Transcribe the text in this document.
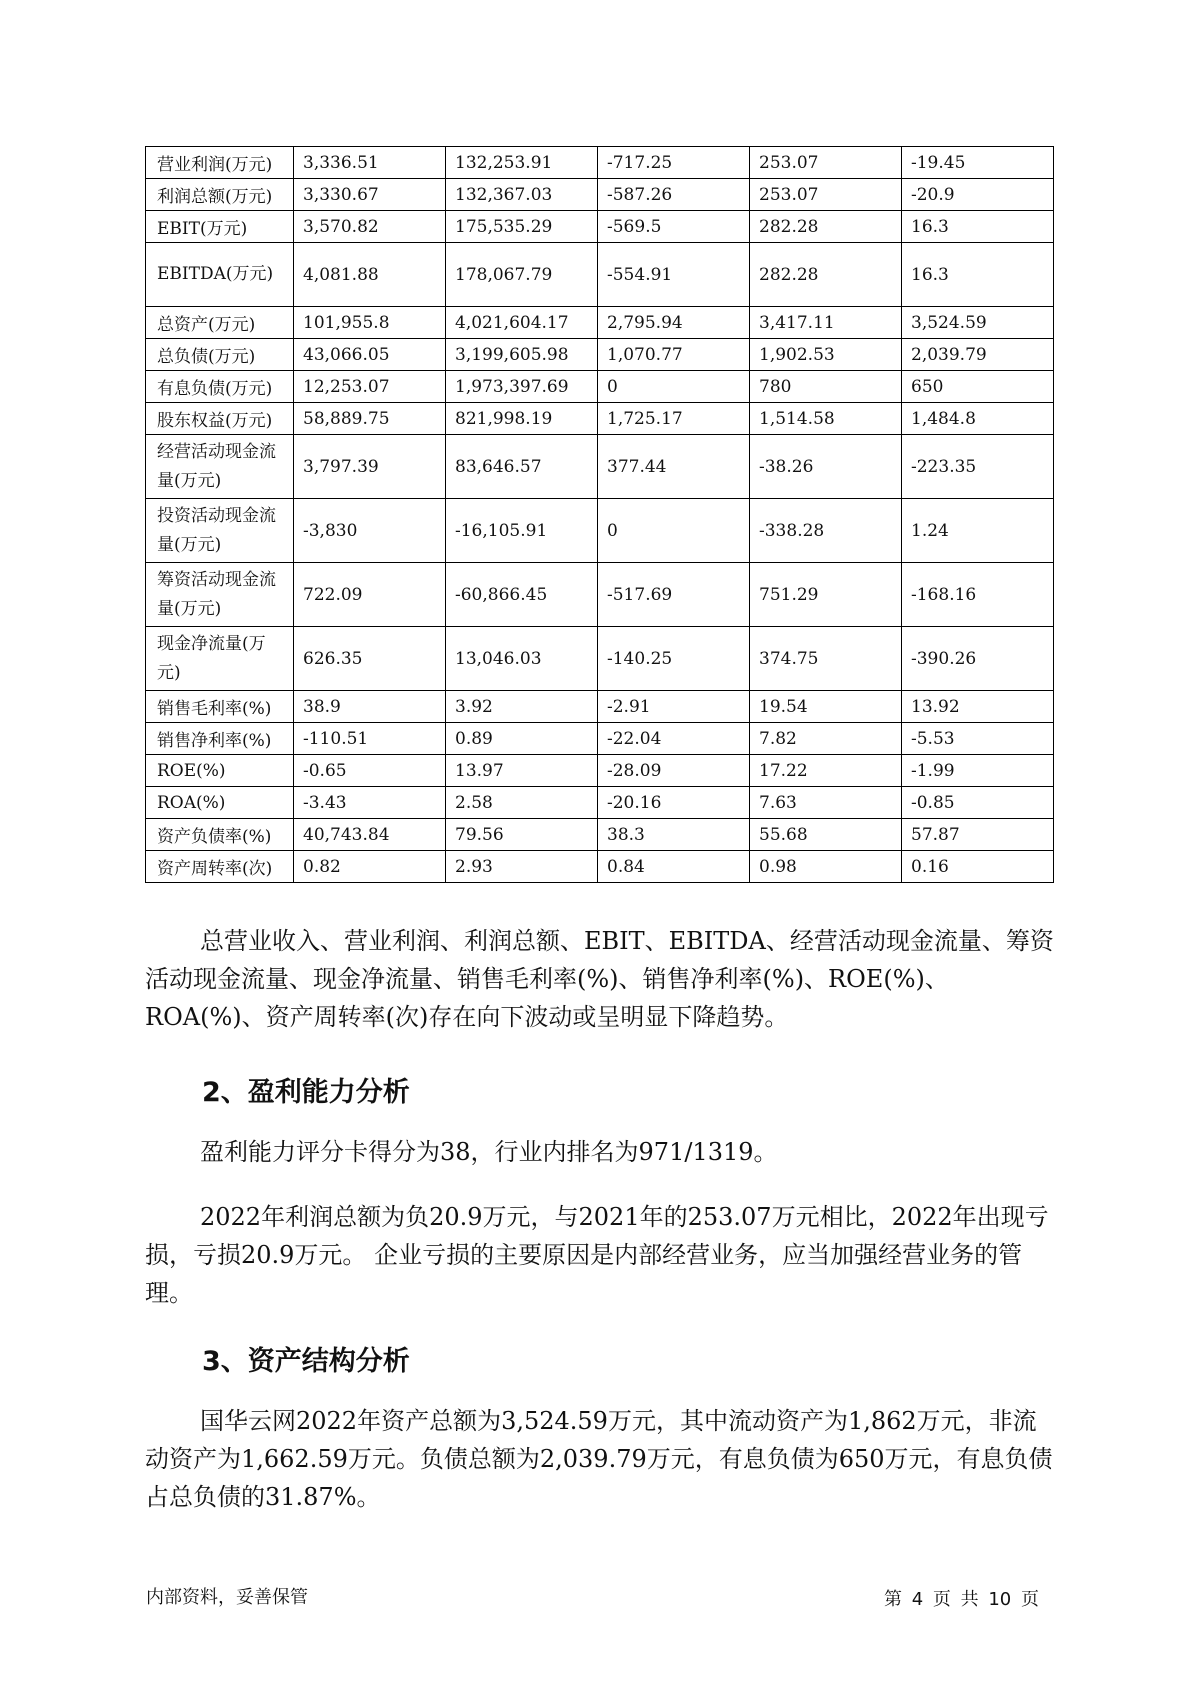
营业利润(万元)	3,336.51	132,253.91	-717.25	253.07	-19.45
利润总额(万元)	3,330.67	132,367.03	-587.26	253.07	-20.9
EBIT(万元)	3,570.82	175,535.29	-569.5	282.28	16.3
EBITDA(万元)	4,081.88	178,067.79	-554.91	282.28	16.3
总资产(万元)	101,955.8	4,021,604.17	2,795.94	3,417.11	3,524.59
总负债(万元)	43,066.05	3,199,605.98	1,070.77	1,902.53	2,039.79
有息负债(万元)	12,253.07	1,973,397.69	0	780	650
股东权益(万元)	58,889.75	821,998.19	1,725.17	1,514.58	1,484.8
经营活动现金流量(万元)	3,797.39	83,646.57	377.44	-38.26	-223.35
投资活动现金流量(万元)	-3,830	-16,105.91	0	-338.28	1.24
筹资活动现金流量(万元)	722.09	-60,866.45	-517.69	751.29	-168.16
现金净流量(万元)	626.35	13,046.03	-140.25	374.75	-390.26
销售毛利率(%)	38.9	3.92	-2.91	19.54	13.92
销售净利率(%)	-110.51	0.89	-22.04	7.82	-5.53
ROE(%)	-0.65	13.97	-28.09	17.22	-1.99
ROA(%)	-3.43	2.58	-20.16	7.63	-0.85
资产负债率(%)	40,743.84	79.56	38.3	55.68	57.87
资产周转率(次)	0.82	2.93	0.84	0.98	0.16

总营业收入、营业利润、利润总额、EBIT、EBITDA、经营活动现金流量、筹资活动现金流量、现金净流量、销售毛利率(%)、销售净利率(%)、ROE(%)、ROA(%)、资产周转率(次)存在向下波动或呈明显下降趋势。

2、盈利能力分析

盈利能力评分卡得分为38，行业内排名为971/1319。

2022年利润总额为负20.9万元，与2021年的253.07万元相比，2022年出现亏损，亏损20.9万元。 企业亏损的主要原因是内部经营业务，应当加强经营业务的管理。

3、资产结构分析

国华云网2022年资产总额为3,524.59万元，其中流动资产为1,862万元，非流动资产为1,662.59万元。负债总额为2,039.79万元，有息负债为650万元，有息负债占总负债的31.87%。

内部资料，妥善保管	第 4 页 共 10 页
